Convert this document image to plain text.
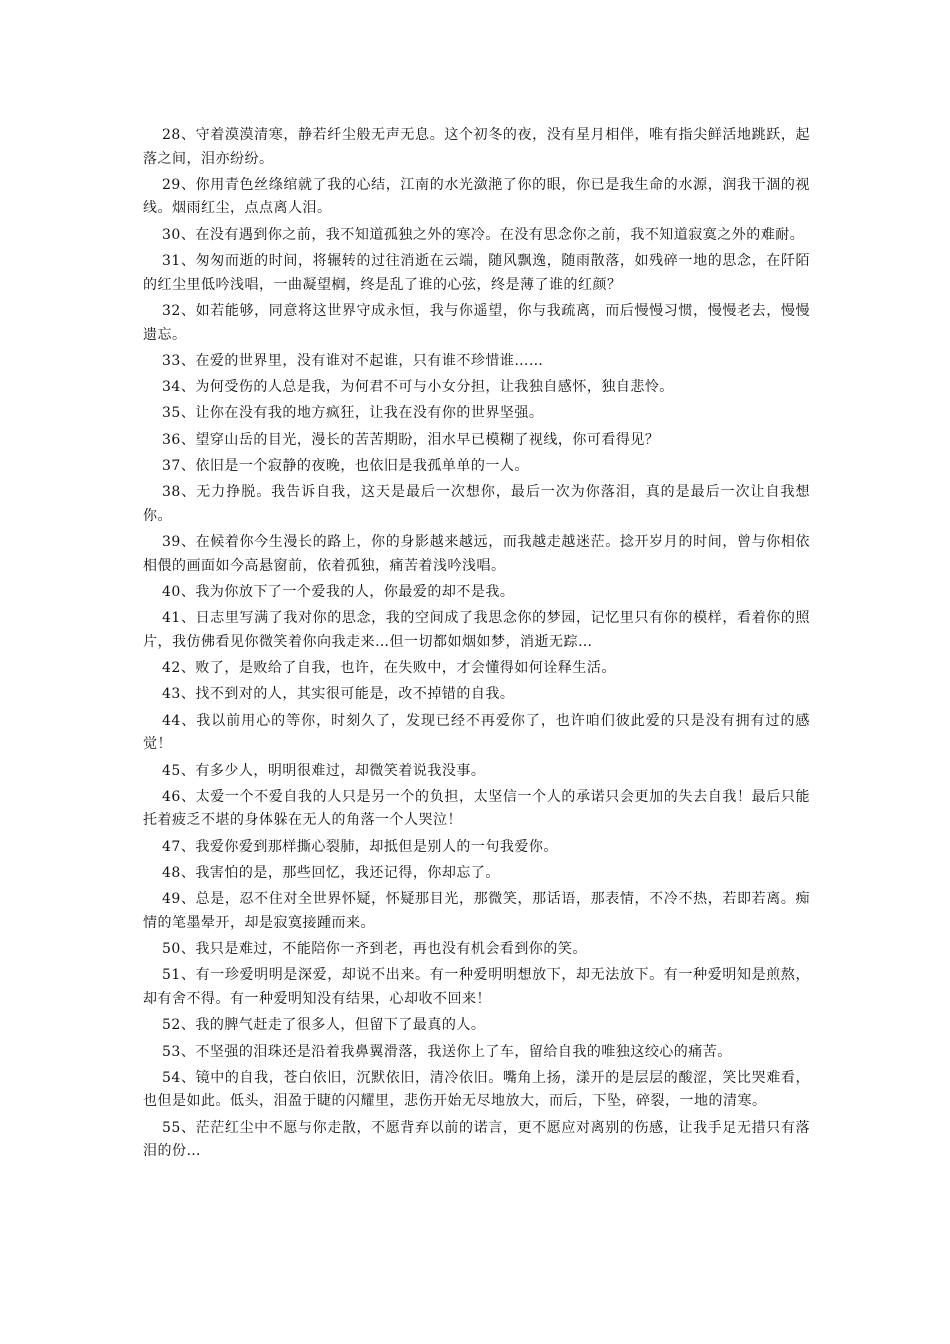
28、守着漠漠清寒，静若纤尘般无声无息。这个初冬的夜，没有星月相伴，唯有指尖鲜活地跳跃，起落之间，泪亦纷纷。

29、你用青色丝绦绾就了我的心结，江南的水光潋滟了你的眼，你已是我生命的水源，润我干涸的视线。烟雨红尘，点点离人泪。

30、在没有遇到你之前，我不知道孤独之外的寒冷。在没有思念你之前，我不知道寂寞之外的难耐。

31、匆匆而逝的时间，将辗转的过往消逝在云端，随风飘逸，随雨散落，如残碎一地的思念，在阡陌的红尘里低吟浅唱，一曲凝望榈，终是乱了谁的心弦，终是薄了谁的红颜？

32、如若能够，同意将这世界守成永恒，我与你遥望，你与我疏离，而后慢慢习惯，慢慢老去，慢慢遗忘。

33、在爱的世界里，没有谁对不起谁，只有谁不珍惜谁……

34、为何受伤的人总是我，为何君不可与小女分担，让我独自感怀，独自悲怜。

35、让你在没有我的地方疯狂，让我在没有你的世界坚强。

36、望穿山岳的目光，漫长的苦苦期盼，泪水早已模糊了视线，你可看得见？

37、依旧是一个寂静的夜晚，也依旧是我孤单单的一人。

38、无力挣脱。我告诉自我，这天是最后一次想你，最后一次为你落泪，真的是最后一次让自我想你。

39、在候着你今生漫长的路上，你的身影越来越远，而我越走越迷茫。捻开岁月的时间，曾与你相依相偎的画面如今高悬窗前，依着孤独，痛苦着浅吟浅唱。

40、我为你放下了一个爱我的人，你最爱的却不是我。

41、日志里写满了我对你的思念，我的空间成了我思念你的梦园，记忆里只有你的模样，看着你的照片，我仿佛看见你微笑着你向我走来…但一切都如烟如梦，消逝无踪…

42、败了，是败给了自我，也许，在失败中，才会懂得如何诠释生活。

43、找不到对的人，其实很可能是，改不掉错的自我。

44、我以前用心的等你，时刻久了，发现已经不再爱你了，也许咱们彼此爱的只是没有拥有过的感觉！

45、有多少人，明明很难过，却微笑着说我没事。

46、太爱一个不爱自我的人只是另一个的负担，太坚信一个人的承诺只会更加的失去自我！最后只能托着疲乏不堪的身体躲在无人的角落一个人哭泣！

47、我爱你爱到那样撕心裂肺，却抵但是别人的一句我爱你。

48、我害怕的是，那些回忆，我还记得，你却忘了。

49、总是，忍不住对全世界怀疑，怀疑那目光，那微笑，那话语，那表情，不冷不热，若即若离。痴情的笔墨晕开，却是寂寞接踵而来。

50、我只是难过，不能陪你一齐到老，再也没有机会看到你的笑。

51、有一珍爱明明是深爱，却说不出来。有一种爱明明想放下，却无法放下。有一种爱明知是煎熬，却有舍不得。有一种爱明知没有结果，心却收不回来！

52、我的脾气赶走了很多人，但留下了最真的人。

53、不坚强的泪珠还是沿着我鼻翼滑落，我送你上了车，留给自我的唯独这绞心的痛苦。

54、镜中的自我，苍白依旧，沉默依旧，清冷依旧。嘴角上扬，漾开的是层层的酸涩，笑比哭难看，也但是如此。低头，泪盈于睫的闪耀里，悲伤开始无尽地放大，而后，下坠，碎裂，一地的清寒。

55、茫茫红尘中不愿与你走散，不愿背弃以前的诺言，更不愿应对离别的伤感，让我手足无措只有落泪的份…
